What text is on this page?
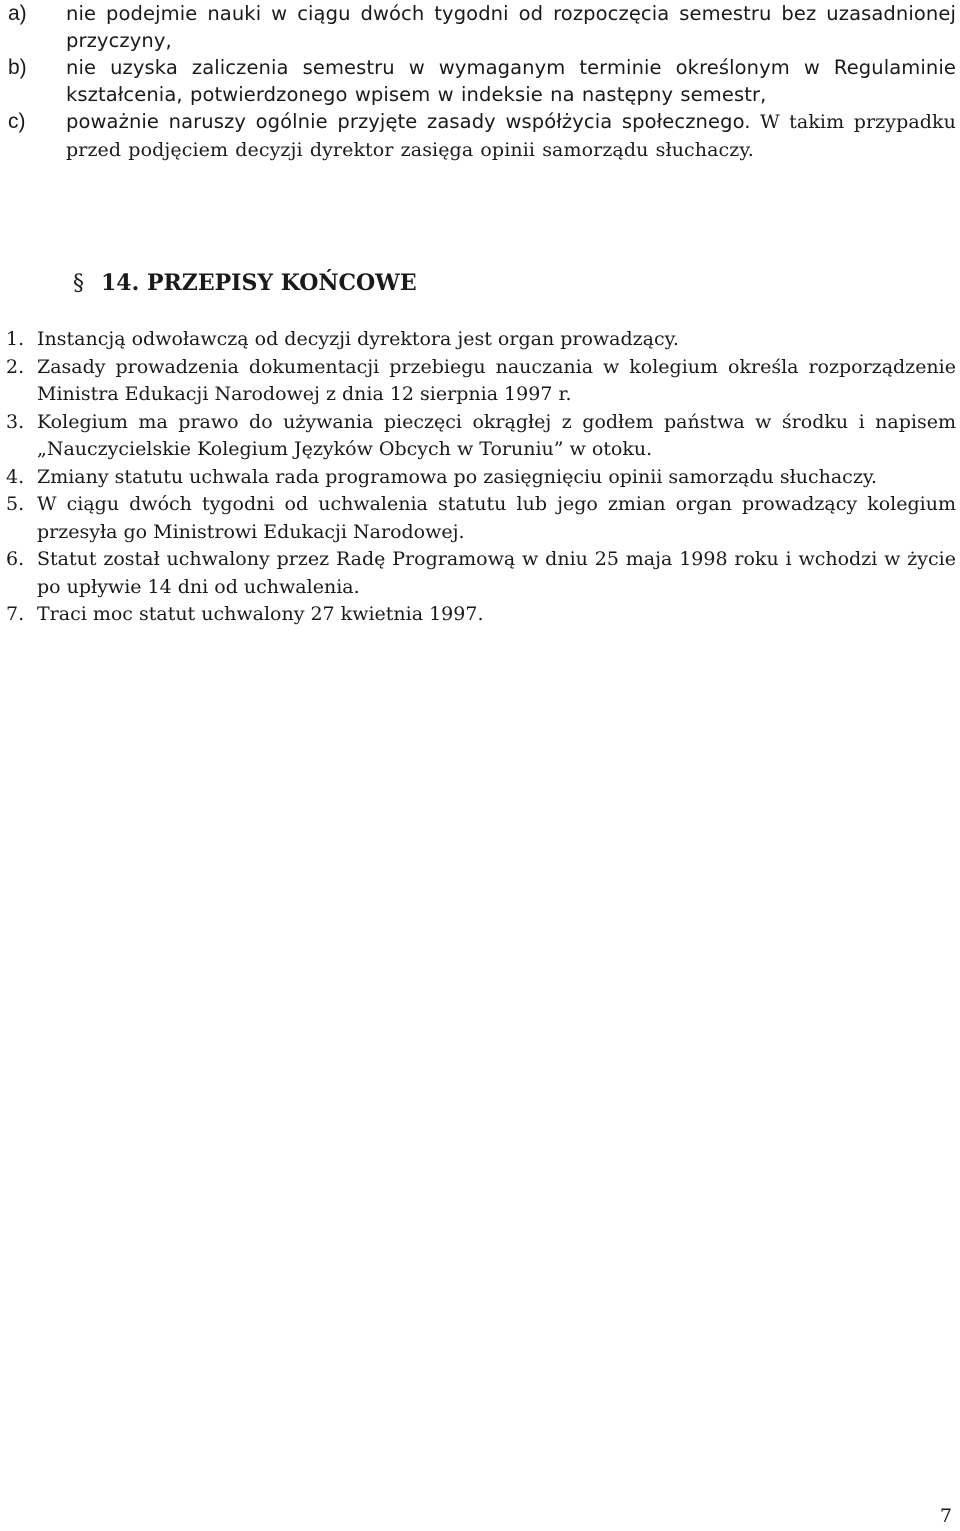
a) nie podejmie nauki w ciągu dwóch tygodni od rozpoczęcia semestru bez uzasadnionej przyczyny,
b) nie uzyska zaliczenia semestru w wymaganym terminie określonym w Regulaminie kształcenia, potwierdzonego wpisem w indeksie na następny semestr,
c) poważnie naruszy ogólnie przyjęte zasady współżycia społecznego. W takim przypadku przed podjęciem decyzji dyrektor zasięga opinii samorządu słuchaczy.
§ 14. PRZEPISY KOŃCOWE
1. Instancją odwoławczą od decyzji dyrektora jest organ prowadzący.
2. Zasady prowadzenia dokumentacji przebiegu nauczania w kolegium określa rozporządzenie Ministra Edukacji Narodowej z dnia 12 sierpnia 1997 r.
3. Kolegium ma prawo do używania pieczęci okrągłej z godłem państwa w środku i napisem „Nauczycielskie Kolegium Języków Obcych w Toruniu” w otoku.
4. Zmiany statutu uchwala rada programowa po zasięgnięciu opinii samorządu słuchaczy.
5. W ciągu dwóch tygodni od uchwalenia statutu lub jego zmian organ prowadzący kolegium przesyła go Ministrowi Edukacji Narodowej.
6. Statut został uchwalony przez Radę Programową w dniu 25 maja 1998 roku i wchodzi w życie po upływie 14 dni od uchwalenia.
7. Traci moc statut uchwalony 27 kwietnia 1997.
7
